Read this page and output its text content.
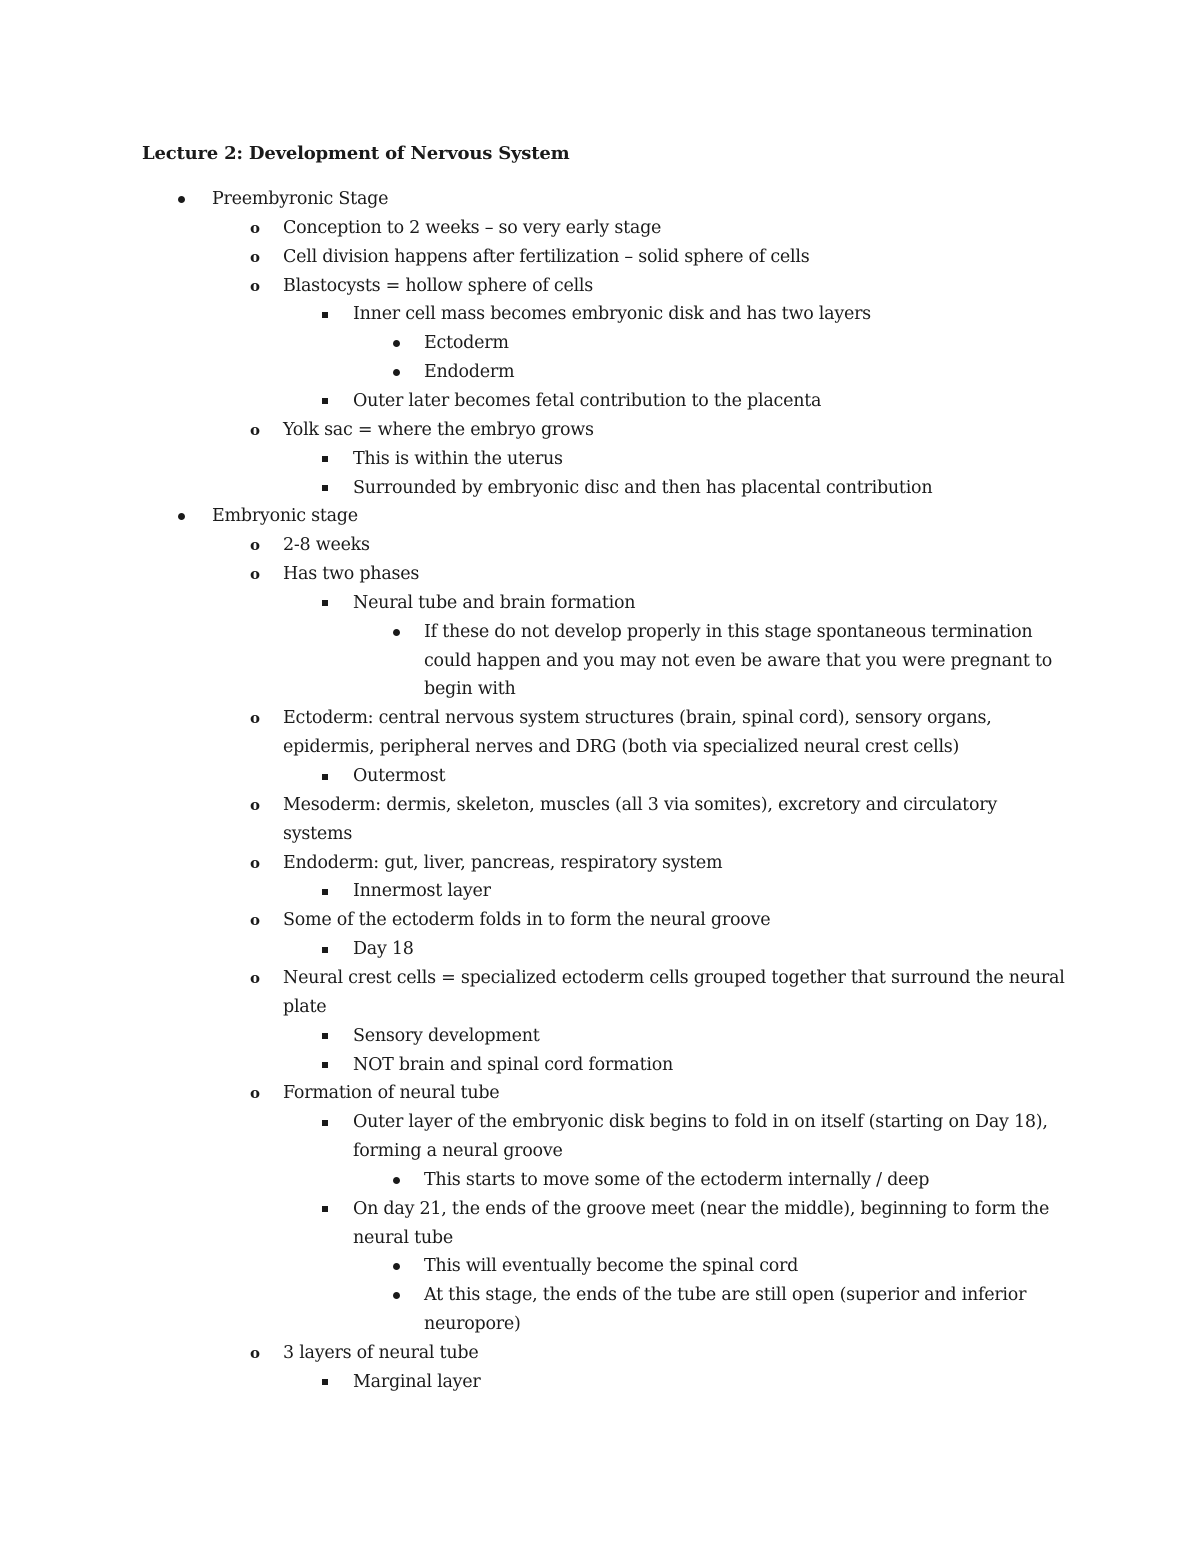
Lecture 2: Development of Nervous System
Preembyronic Stage
o Conception to 2 weeks – so very early stage
o Cell division happens after fertilization – solid sphere of cells
o Blastocysts = hollow sphere of cells
Inner cell mass becomes embryonic disk and has two layers
Ectoderm
Endoderm
Outer later becomes fetal contribution to the placenta
o Yolk sac = where the embryo grows
This is within the uterus
Surrounded by embryonic disc and then has placental contribution
Embryonic stage
o 2-8 weeks
o Has two phases
Neural tube and brain formation
If these do not develop properly in this stage spontaneous termination
could happen and you may not even be aware that you were pregnant to
begin with
o Ectoderm: central nervous system structures (brain, spinal cord), sensory organs,
epidermis, peripheral nerves and DRG (both via specialized neural crest cells)
Outermost
o Mesoderm: dermis, skeleton, muscles (all 3 via somites), excretory and circulatory
systems
o Endoderm: gut, liver, pancreas, respiratory system
Innermost layer
o Some of the ectoderm folds in to form the neural groove
Day 18
o Neural crest cells = specialized ectoderm cells grouped together that surround the neural
plate
Sensory development
NOT brain and spinal cord formation
o Formation of neural tube
Outer layer of the embryonic disk begins to fold in on itself (starting on Day 18),
forming a neural groove
This starts to move some of the ectoderm internally / deep
On day 21, the ends of the groove meet (near the middle), beginning to form the
neural tube
This will eventually become the spinal cord
At this stage, the ends of the tube are still open (superior and inferior
neuropore)
o 3 layers of neural tube
Marginal layer
